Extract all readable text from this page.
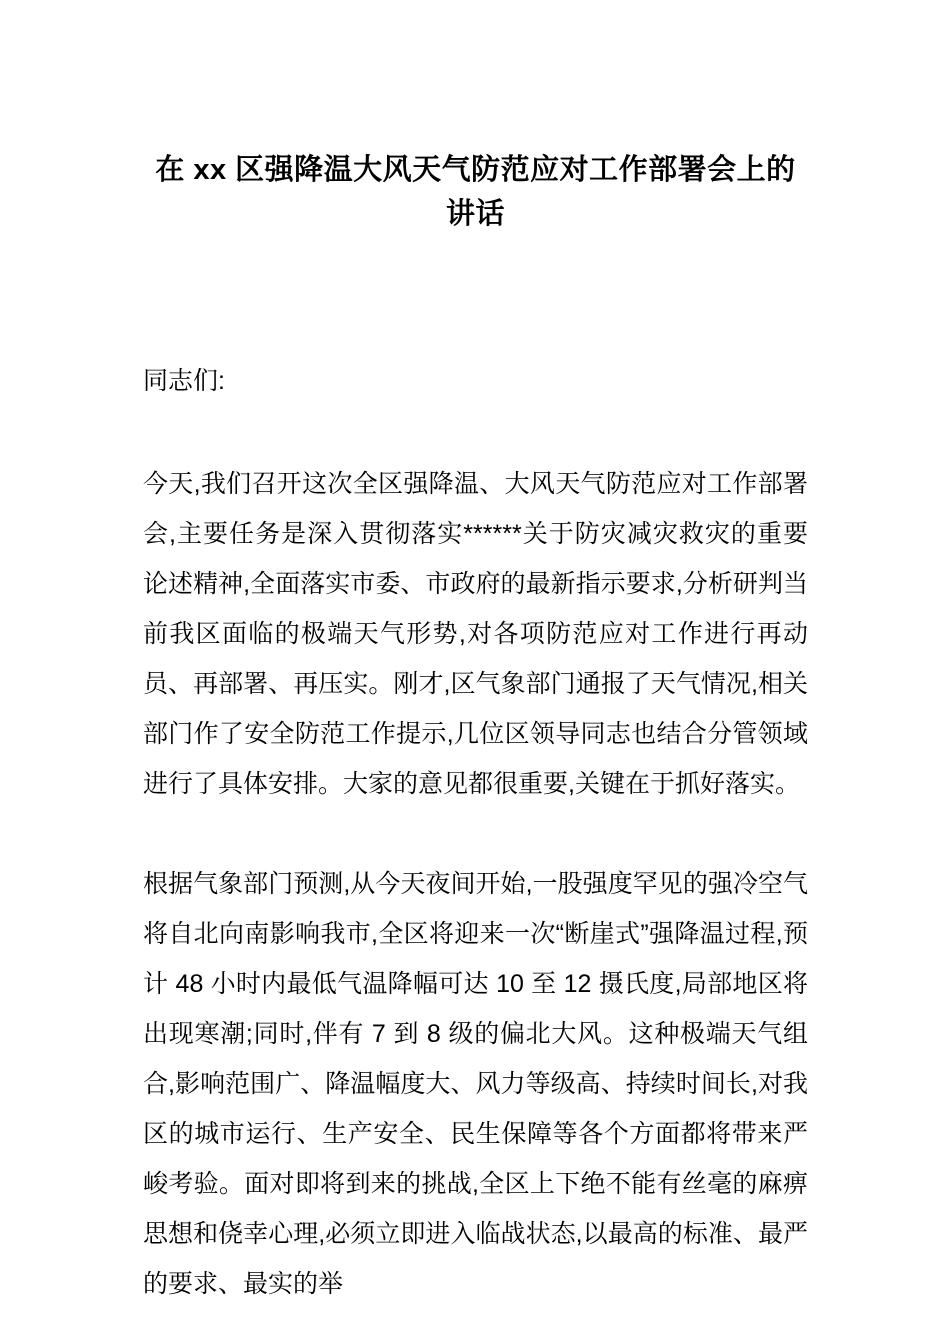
在 xx 区强降温大风天气防范应对工作部署会上的讲话

同志们:

今天,我们召开这次全区强降温、大风天气防范应对工作部署会,主要任务是深入贯彻落实******关于防灾减灾救灾的重要论述精神,全面落实市委、市政府的最新指示要求,分析研判当前我区面临的极端天气形势,对各项防范应对工作进行再动员、再部署、再压实。刚才,区气象部门通报了天气情况,相关部门作了安全防范工作提示,几位区领导同志也结合分管领域进行了具体安排。大家的意见都很重要,关键在于抓好落实。

根据气象部门预测,从今天夜间开始,一股强度罕见的强冷空气将自北向南影响我市,全区将迎来一次“断崖式”强降温过程,预计 48 小时内最低气温降幅可达 10 至 12 摄氏度,局部地区将出现寒潮;同时,伴有 7 到 8 级的偏北大风。这种极端天气组合,影响范围广、降温幅度大、风力等级高、持续时间长,对我区的城市运行、生产安全、民生保障等各个方面都将带来严峻考验。面对即将到来的挑战,全区上下绝不能有丝毫的麻痹思想和侥幸心理,必须立即进入临战状态,以最高的标准、最严的要求、最实的举
